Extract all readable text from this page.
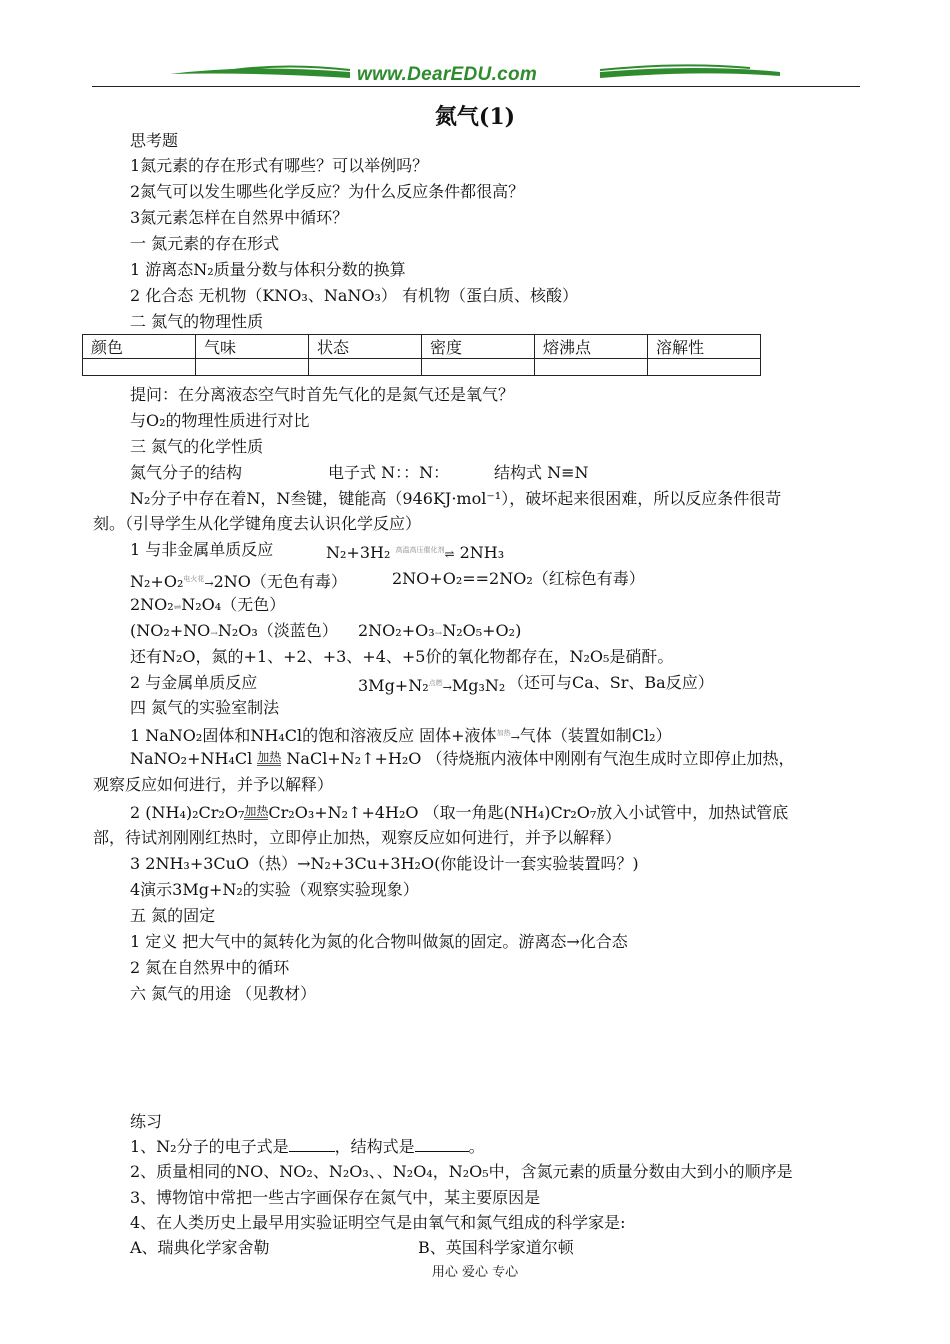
www.DearEDU.com
氮气(1)
思考题
1氮元素的存在形式有哪些？可以举例吗？
2氮气可以发生哪些化学反应？为什么反应条件都很高？
3氮元素怎样在自然界中循环？
一 氮元素的存在形式
1 游离态N₂质量分数与体积分数的换算
2 化合态 无机物（KNO₃、NaNO₃） 有机物（蛋白质、核酸）
二 氮气的物理性质
颜色	气味	状态	密度	熔沸点	溶解性

提问：在分离液态空气时首先气化的是氮气还是氧气？
与O₂的物理性质进行对比
三 氮气的化学性质
氮气分子的结构	电子式 N：：N：	结构式 N≡N
N₂分子中存在着N，N叁键，键能高（946KJ·mol⁻¹），破坏起来很困难，所以反应条件很苛
刻。（引导学生从化学键角度去认识化学反应）
1 与非金属单质反应	N₂+3H₂ $^{高温高压催化剂}$⇌ 2NH₃
N₂+O₂$^{电火花}$→2NO（无色有毒）	2NO+O₂==2NO₂（红棕色有毒）
2NO₂⇌N₂O₄（无色）
(NO₂+NO→N₂O₃（淡蓝色） 2NO₂+O₃→N₂O₅+O₂)
还有N₂O，氮的+1、+2、+3、+4、+5价的氧化物都存在，N₂O₅是硝酐。
2 与金属单质反应	3Mg+N₂$^{点燃}$→Mg₃N₂ （还可与Ca、Sr、Ba反应）
四 氮气的实验室制法
1 NaNO₂固体和NH₄Cl的饱和溶液反应 固体+液体$^{加热}$→气体（装置如制Cl₂）
NaNO₂+NH₄Cl 加热 NaCl+N₂↑+H₂O （待烧瓶内液体中刚刚有气泡生成时立即停止加热，
观察反应如何进行，并予以解释）
2 (NH₄)₂Cr₂O₇加热Cr₂O₃+N₂↑+4H₂O （取一角匙(NH₄)Cr₂O₇放入小试管中，加热试管底
部，待试剂刚刚红热时，立即停止加热，观察反应如何进行，并予以解释）
3 2NH₃+3CuO（热）→N₂+3Cu+3H₂O(你能设计一套实验装置吗？)
4演示3Mg+N₂的实验（观察实验现象）
五 氮的固定
1 定义 把大气中的氮转化为氮的化合物叫做氮的固定。游离态→化合态
2 氮在自然界中的循环
六 氮气的用途 （见教材）
练习
1、N₂分子的电子式是	，结构式是	。
2、质量相同的NO、NO₂、N₂O₃、、N₂O₄，N₂O₅中，含氮元素的质量分数由大到小的顺序是
3、博物馆中常把一些古字画保存在氮气中，某主要原因是
4、在人类历史上最早用实验证明空气是由氧气和氮气组成的科学家是:
A、瑞典化学家舍勒	B、英国科学家道尔顿
用心 爱心 专心
